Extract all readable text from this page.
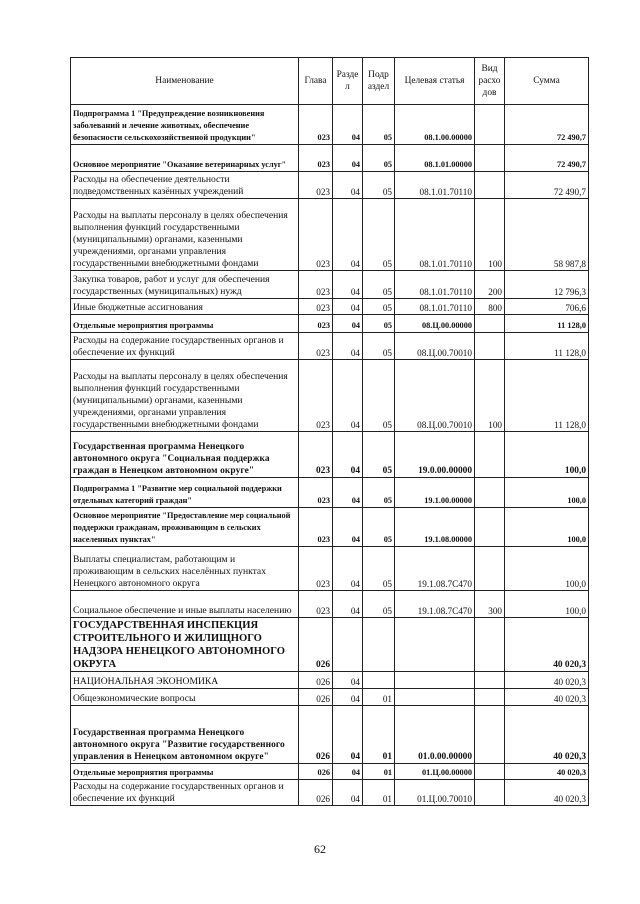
Наименование	Глава	Разде л	Подр аздел	Целевая статья	Вид расхо дов	Сумма
Подпрограмма 1 "Предупреждение возникновения заболеваний и лечение животных, обеспечение безопасности сельскохозяйственной продукции"	023	04	05	08.1.00.00000		72 490,7
Основное мероприятие "Оказание ветеринарных услуг"	023	04	05	08.1.01.00000		72 490,7
Расходы на обеспечение деятельности подведомственных казённых учреждений	023	04	05	08.1.01.70110		72 490,7
Расходы на выплаты персоналу в целях обеспечения выполнения функций государственными (муниципальными) органами, казенными учреждениями, органами управления государственными внебюджетными фондами	023	04	05	08.1.01.70110	100	58 987,8
Закупка товаров, работ и услуг для обеспечения государственных (муниципальных) нужд	023	04	05	08.1.01.70110	200	12 796,3
Иные бюджетные ассигнования	023	04	05	08.1.01.70110	800	706,6
Отдельные мероприятия программы	023	04	05	08.Ц.00.00000		11 128,0
Расходы на содержание государственных органов и обеспечение их функций	023	04	05	08.Ц.00.70010		11 128,0
Расходы на выплаты персоналу в целях обеспечения выполнения функций государственными (муниципальными) органами, казенными учреждениями, органами управления государственными внебюджетными фондами	023	04	05	08.Ц.00.70010	100	11 128,0
Государственная программа Ненецкого автономного округа "Социальная поддержка граждан в Ненецком автономном округе"	023	04	05	19.0.00.00000		100,0
Подпрограмма 1 "Развитие мер социальной поддержки отдельных категорий граждан"	023	04	05	19.1.00.00000		100,0
Основное мероприятие "Предоставление мер социальной поддержки гражданам, проживающим в сельских населенных пунктах"	023	04	05	19.1.08.00000		100,0
Выплаты специалистам, работающим и проживающим в сельских населённых пунктах Ненецкого автономного округа	023	04	05	19.1.08.7С470		100,0
Социальное обеспечение и иные выплаты населению	023	04	05	19.1.08.7С470	300	100,0
ГОСУДАРСТВЕННАЯ ИНСПЕКЦИЯ СТРОИТЕЛЬНОГО И ЖИЛИЩНОГО НАДЗОРА НЕНЕЦКОГО АВТОНОМНОГО ОКРУГА	026					40 020,3
НАЦИОНАЛЬНАЯ ЭКОНОМИКА	026	04				40 020,3
Общеэкономические вопросы	026	04	01			40 020,3
Государственная программа Ненецкого автономного округа "Развитие государственного управления в Ненецком автономном округе"	026	04	01	01.0.00.00000		40 020,3
Отдельные мероприятия программы	026	04	01	01.Ц.00.00000		40 020,3
Расходы на содержание государственных органов и обеспечение их функций	026	04	01	01.Ц.00.70010		40 020,3
62
